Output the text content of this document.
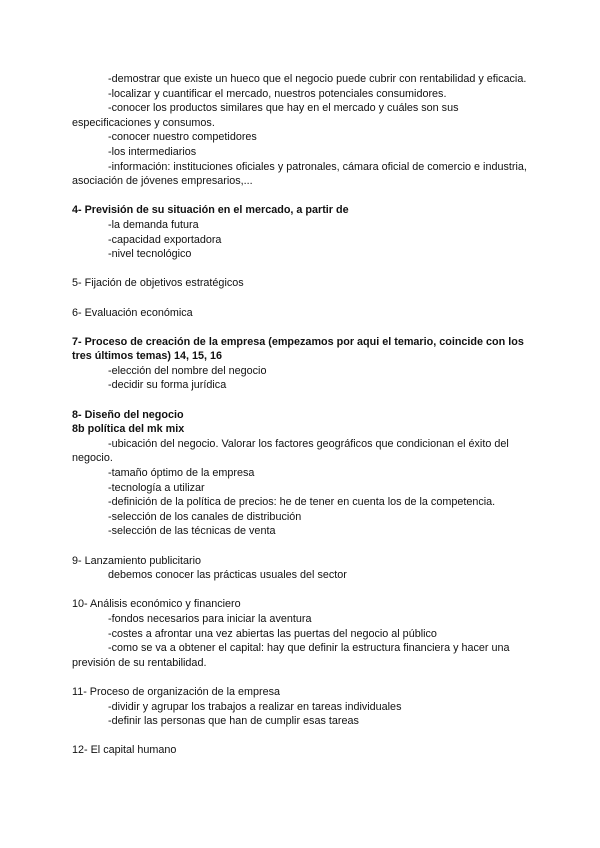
-demostrar que existe un hueco que el negocio puede cubrir con rentabilidad y eficacia.

-localizar y cuantificar el mercado, nuestros potenciales consumidores.

-conocer los productos similares que hay en el mercado y cuáles son sus especificaciones y consumos.

-conocer nuestro competidores

-los intermediarios

-información: instituciones oficiales y patronales, cámara oficial de comercio e industria, asociación de jóvenes empresarios,...

4- Previsión de su situación en el mercado, a partir de

-la demanda futura

-capacidad exportadora

-nivel tecnológico

5- Fijación de objetivos estratégicos

6- Evaluación económica

7- Proceso de creación de la empresa (empezamos por aqui el temario, coincide con los tres últimos temas) 14, 15, 16

-elección del nombre del negocio

-decidir su forma jurídica

8- Diseño del negocio

8b política del mk mix

-ubicación del negocio. Valorar los factores geográficos que condicionan el éxito del negocio.

-tamaño óptimo de la empresa

-tecnología a utilizar

-definición de la política de precios: he de tener en cuenta los de la competencia.

-selección de los canales de distribución

-selección de las técnicas de venta

9- Lanzamiento publicitario

debemos conocer las prácticas usuales del sector

10- Análisis económico y financiero

-fondos necesarios para iniciar la aventura

-costes a afrontar una vez abiertas las puertas del negocio al público

-como se va a obtener el capital: hay que definir la estructura financiera y hacer una previsión de su rentabilidad.

11- Proceso de organización de la empresa

-dividir y agrupar los trabajos a realizar en tareas individuales

-definir las personas que han de cumplir esas tareas

12- El capital humano
